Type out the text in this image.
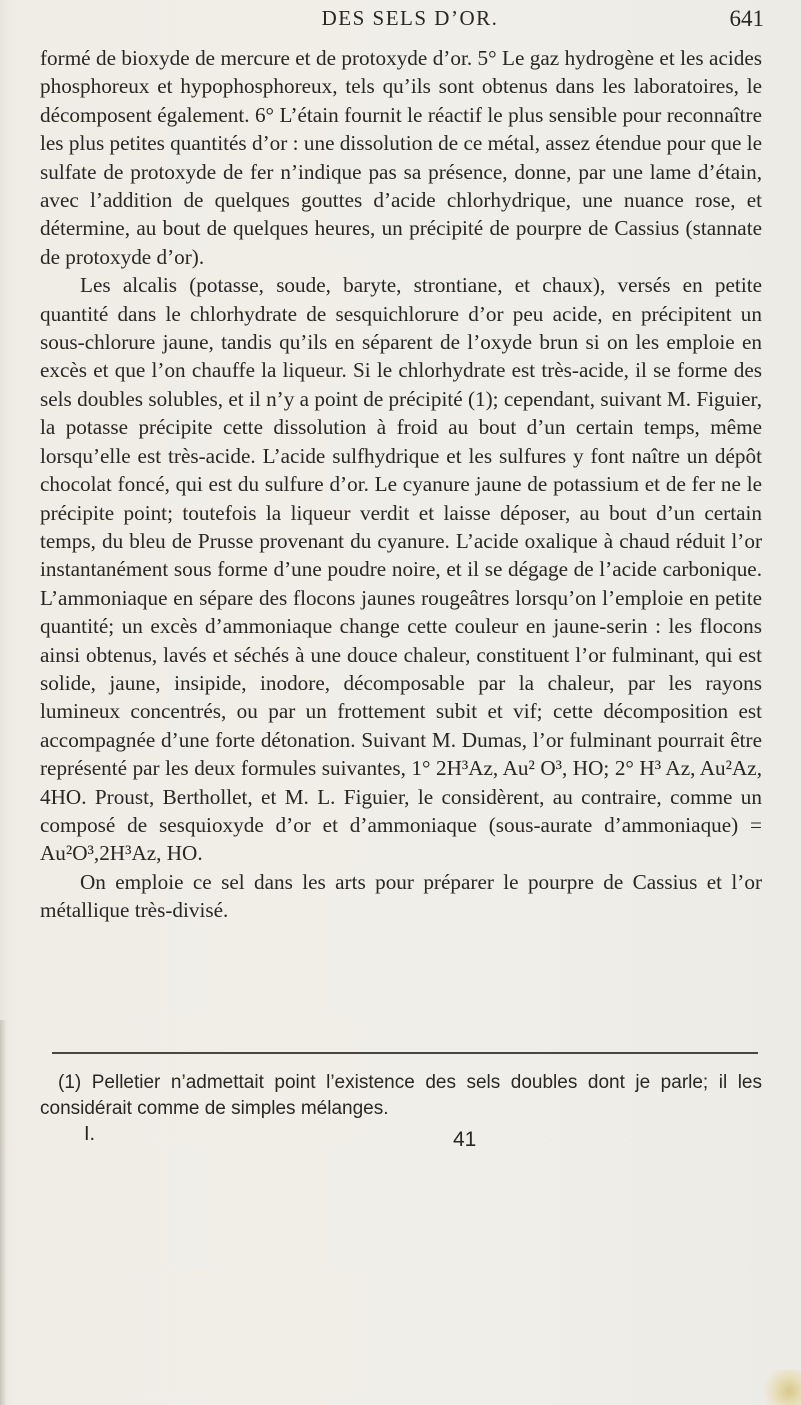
DES SELS D’OR.	641

formé de bioxyde de mercure et de protoxyde d’or. 5° Le gaz hydrogène et les acides phosphoreux et hypophosphoreux, tels qu’ils sont obtenus dans les laboratoires, le décomposent également. 6° L’étain fournit le réactif le plus sensible pour reconnaître les plus petites quantités d’or : une dissolution de ce métal, assez étendue pour que le sulfate de protoxyde de fer n’indique pas sa présence, donne, par une lame d’étain, avec l’addition de quelques gouttes d’acide chlorhydrique, une nuance rose, et détermine, au bout de quelques heures, un précipité de pourpre de Cassius (stannate de protoxyde d’or).

Les alcalis (potasse, soude, baryte, strontiane, et chaux), versés en petite quantité dans le chlorhydrate de sesquichlorure d’or peu acide, en précipitent un sous-chlorure jaune, tandis qu’ils en séparent de l’oxyde brun si on les emploie en excès et que l’on chauffe la liqueur. Si le chlorhydrate est très-acide, il se forme des sels doubles solubles, et il n’y a point de précipité (1); cependant, suivant M. Figuier, la potasse précipite cette dissolution à froid au bout d’un certain temps, même lorsqu’elle est très-acide. L’acide sulfhydrique et les sulfures y font naître un dépôt chocolat foncé, qui est du sulfure d’or. Le cyanure jaune de potassium et de fer ne le précipite point; toutefois la liqueur verdit et laisse déposer, au bout d’un certain temps, du bleu de Prusse provenant du cyanure. L’acide oxalique à chaud réduit l’or instantanément sous forme d’une poudre noire, et il se dégage de l’acide carbonique. L’ammoniaque en sépare des flocons jaunes rougeâtres lorsqu’on l’emploie en petite quantité; un excès d’ammoniaque change cette couleur en jaune-serin : les flocons ainsi obtenus, lavés et séchés à une douce chaleur, constituent l’or fulminant, qui est solide, jaune, insipide, inodore, décomposable par la chaleur, par les rayons lumineux concentrés, ou par un frottement subit et vif; cette décomposition est accompagnée d’une forte détonation. Suivant M. Dumas, l’or fulminant pourrait être représenté par les deux formules suivantes, 1° 2H³Az, Au² O³, HO; 2° H³ Az, Au²Az, 4HO. Proust, Berthollet, et M. L. Figuier, le considèrent, au contraire, comme un composé de sesquioxyde d’or et d’ammoniaque (sous-aurate d’ammoniaque) = Au²O³,2H³Az, HO.

On emploie ce sel dans les arts pour préparer le pourpre de Cassius et l’or métallique très-divisé.

(1) Pelletier n’admettait point l’existence des sels doubles dont je parle; il les considérait comme de simples mélanges.

I.	41
